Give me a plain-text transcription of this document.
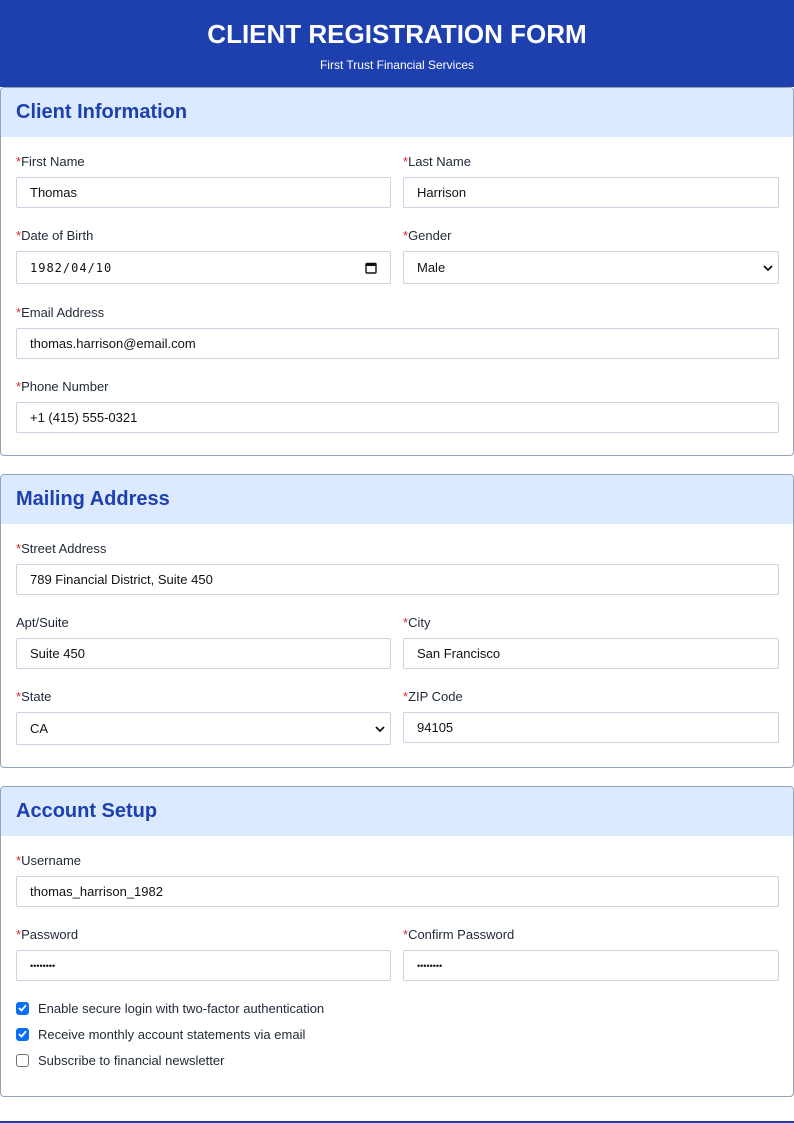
CLIENT REGISTRATION FORM
First Trust Financial Services
Client Information
*First Name
Thomas
*Last Name
Harrison
*Date of Birth
1982/04/10
*Gender
Male
*Email Address
thomas.harrison@email.com
*Phone Number
+1 (415) 555-0321
Mailing Address
*Street Address
789 Financial District, Suite 450
Apt/Suite
Suite 450
*City
San Francisco
*State
CA
*ZIP Code
94105
Account Setup
*Username
thomas_harrison_1982
*Password
••••••••
*Confirm Password
••••••••
Enable secure login with two-factor authentication
Receive monthly account statements via email
Subscribe to financial newsletter
